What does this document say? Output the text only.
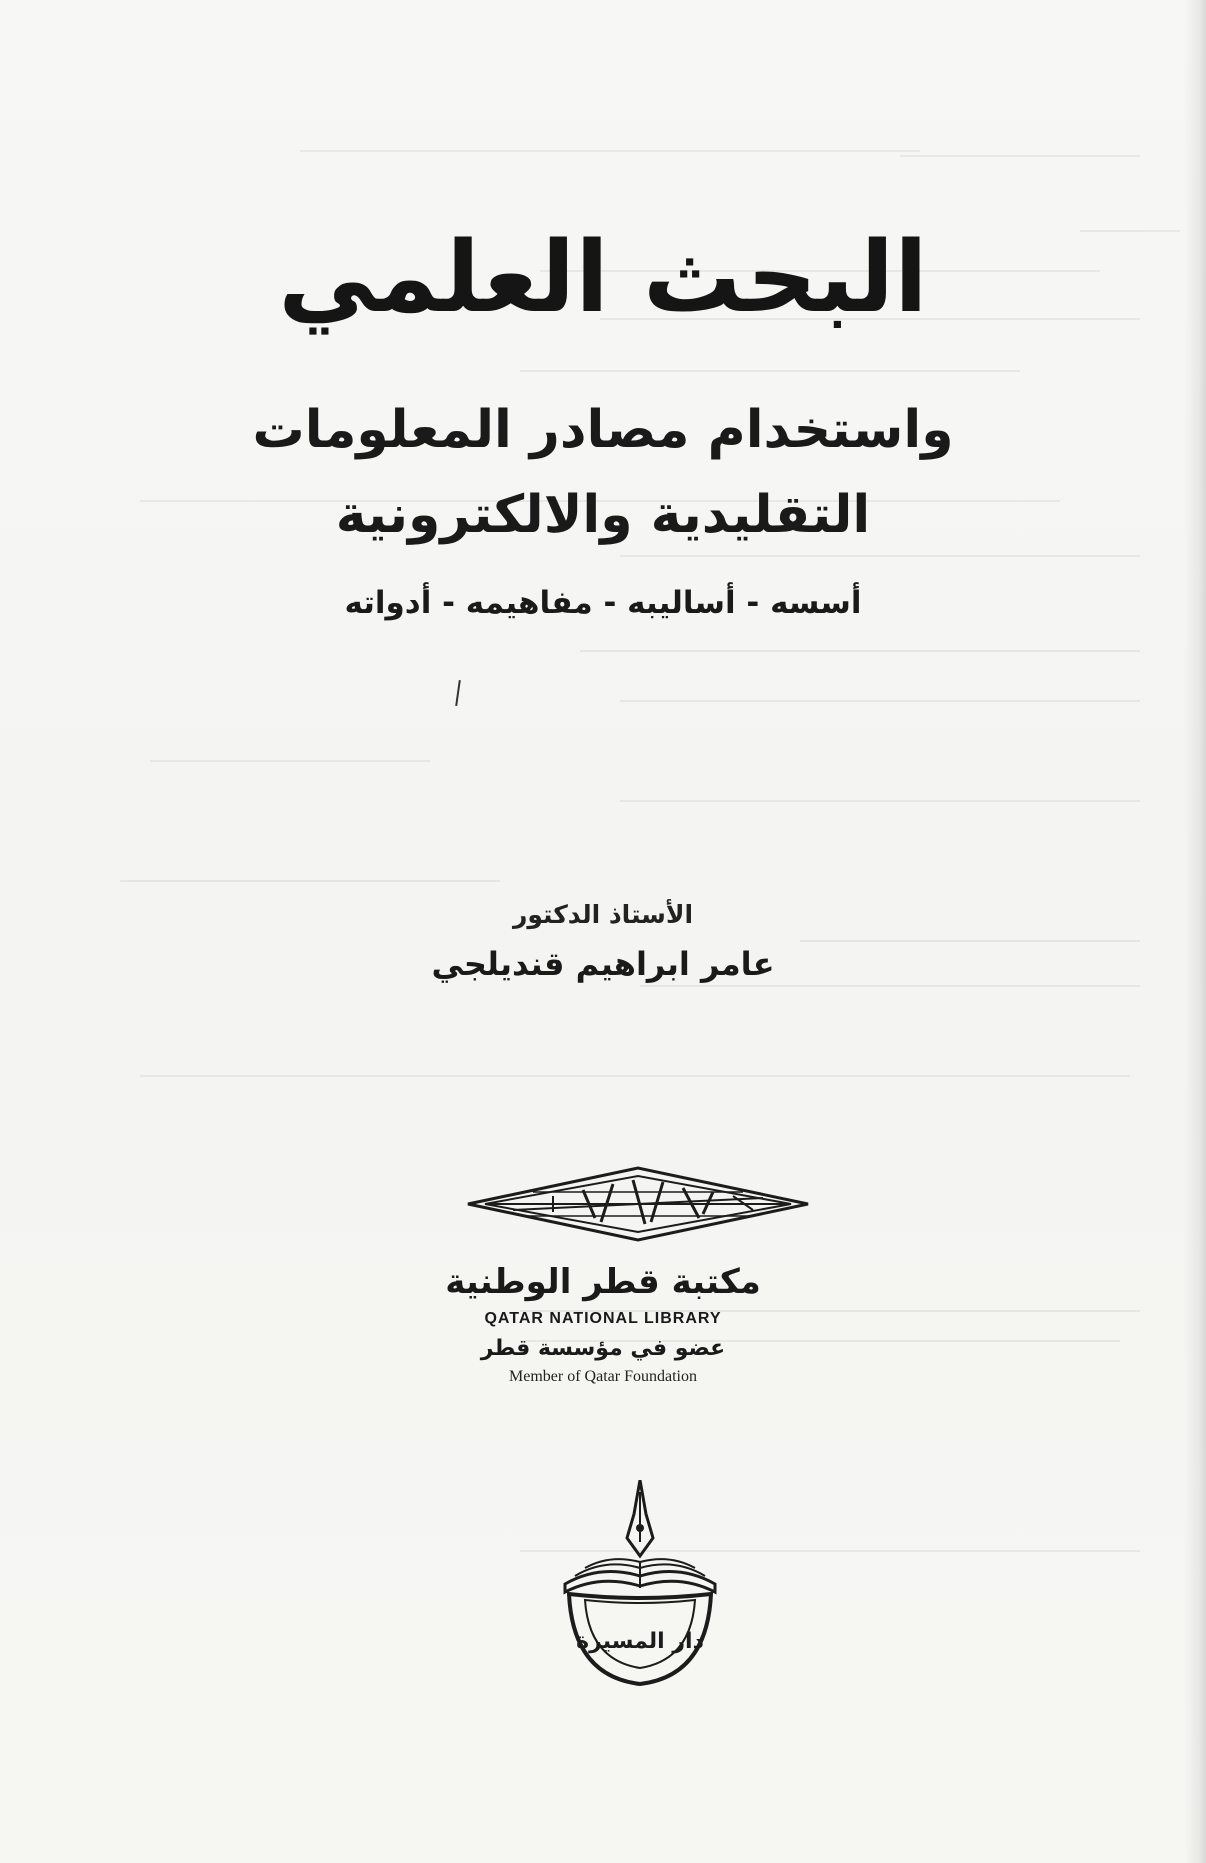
البحث العلمي
واستخدام مصادر المعلومات
التقليدية والالكترونية
أسسه - أساليبه - مفاهيمه - أدواته
الأستاذ الدكتور
عامر ابراهيم قنديلجي
مكتبة قطر الوطنية
QATAR NATIONAL LIBRARY
عضو في مؤسسة قطر
Member of Qatar Foundation
دار المسيرة
